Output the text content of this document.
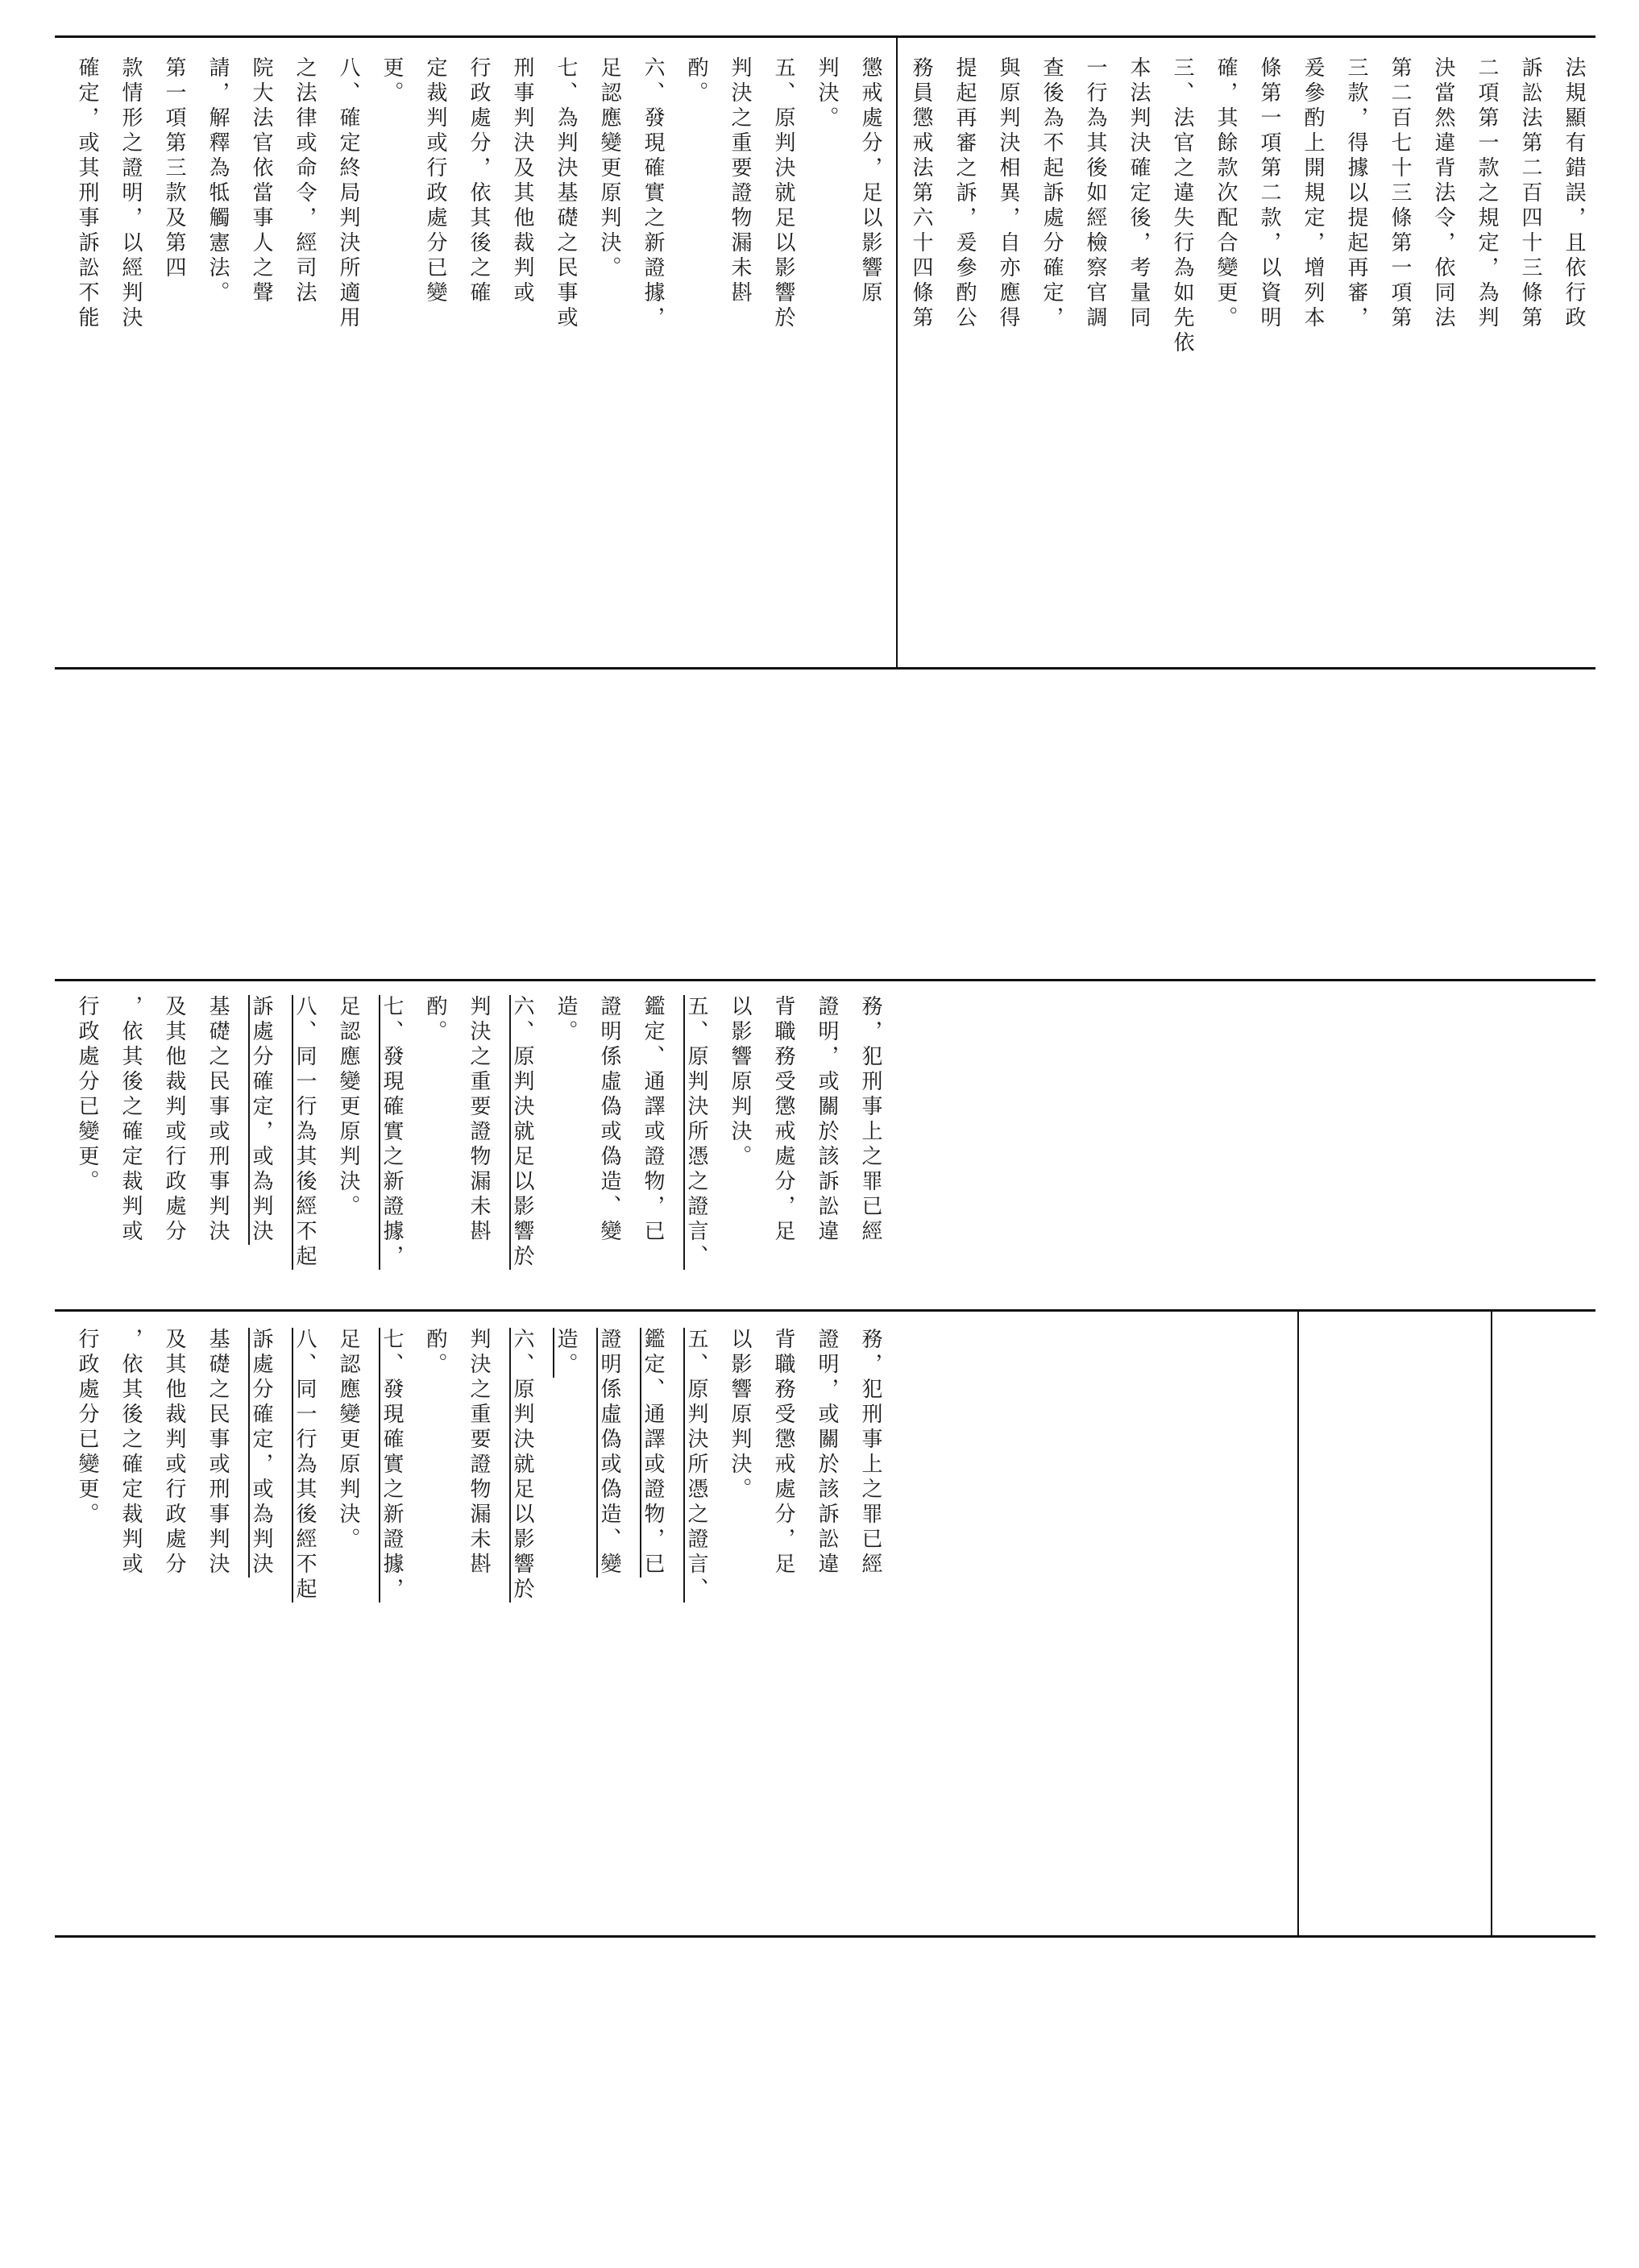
懲戒處分，足以影響原

判決。

五、原判決就足以影響於

判決之重要證物漏未斟

酌。

六、發現確實之新證據，

足認應變更原判決。

七、為判決基礎之民事或

刑事判決及其他裁判或

行政處分，依其後之確

定裁判或行政處分已變

更。

八、確定終局判決所適用

之法律或命令，經司法

院大法官依當事人之聲

請，解釋為牴觸憲法。

第一項第三款及第四

款情形之證明，以經判決

確定，或其刑事訴訟不能	法規顯有錯誤，且依行政

訴訟法第二百四十三條第

二項第一款之規定，為判

決當然違背法令，依同法

第二百七十三條第一項第

三款，得據以提起再審，

爰參酌上開規定，增列本

條第一項第二款，以資明

確，其餘款次配合變更。

三、法官之違失行為如先依

本法判決確定後，考量同

一行為其後如經檢察官調

查後為不起訴處分確定，

與原判決相異，自亦應得

提起再審之訴，爰參酌公

務員懲戒法第六十四條第

務，犯刑事上之罪已經

證明，或關於該訴訟違

背職務受懲戒處分，足

以影響原判決。

五、原判決所憑之證言、

鑑定、通譯或證物，已

證明係虛偽或偽造、變

造。

六、原判決就足以影響於

判決之重要證物漏未斟

酌。

七、發現確實之新證據，

足認應變更原判決。

八、同一行為其後經不起

訴處分確定，或為判決

基礎之民事或刑事判決

及其他裁判或行政處分

，依其後之確定裁判或

行政處分已變更。

務，犯刑事上之罪已經

證明，或關於該訴訟違

背職務受懲戒處分，足

以影響原判決。

五、原判決所憑之證言、

鑑定、通譯或證物，已

證明係虛偽或偽造、變

造。

六、原判決就足以影響於

判決之重要證物漏未斟

酌。

七、發現確實之新證據，

足認應變更原判決。

八、同一行為其後經不起

訴處分確定，或為判決

基礎之民事或刑事判決

及其他裁判或行政處分

，依其後之確定裁判或

行政處分已變更。
